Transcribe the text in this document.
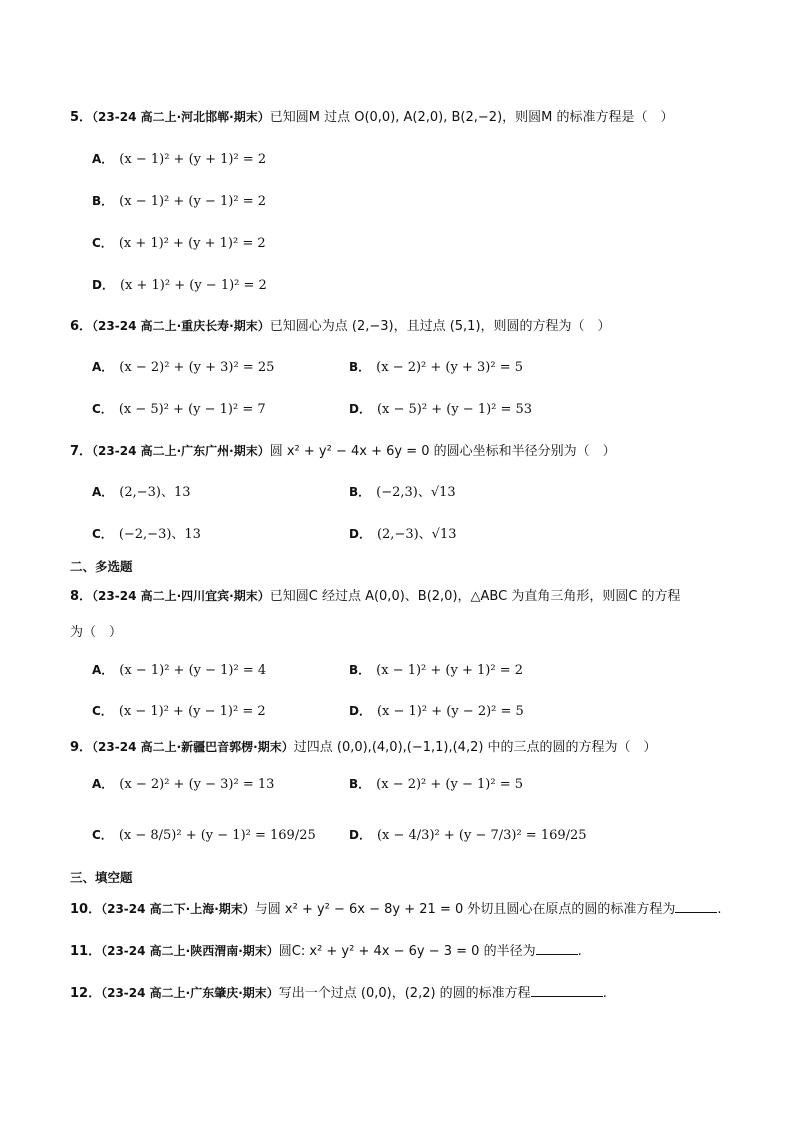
5．（23-24 高二上·河北邯郸·期末）已知圆M 过点 O(0,0), A(2,0), B(2,−2)，则圆M 的标准方程是（　）
A． (x − 1)² + (y + 1)² = 2
B． (x − 1)² + (y − 1)² = 2
C． (x + 1)² + (y + 1)² = 2
D． (x + 1)² + (y − 1)² = 2
6．（23-24 高二上·重庆长寿·期末）已知圆心为点 (2,−3)，且过点 (5,1)，则圆的方程为（　）
A． (x − 2)² + (y + 3)² = 25	B． (x − 2)² + (y + 3)² = 5
C． (x − 5)² + (y − 1)² = 7	D． (x − 5)² + (y − 1)² = 53
7．（23-24 高二上·广东广州·期末）圆 x² + y² − 4x + 6y = 0 的圆心坐标和半径分别为（　）
A． (2,−3)、13	B． (−2,3)、√13
C． (−2,−3)、13	D． (2,−3)、√13
二、多选题
8．（23-24 高二上·四川宜宾·期末）已知圆C 经过点 A(0,0)、B(2,0)，△ABC 为直角三角形，则圆C 的方程
为（　）
A． (x − 1)² + (y − 1)² = 4	B． (x − 1)² + (y + 1)² = 2
C． (x − 1)² + (y − 1)² = 2	D． (x − 1)² + (y − 2)² = 5
9．（23-24 高二上·新疆巴音郭楞·期末）过四点 (0,0),(4,0),(−1,1),(4,2) 中的三点的圆的方程为（　）
A． (x − 2)² + (y − 3)² = 13	B． (x − 2)² + (y − 1)² = 5
C． (x − 8/5)² + (y − 1)² = 169/25	D． (x − 4/3)² + (y − 7/3)² = 169/25
三、填空题
10．（23-24 高二下·上海·期末）与圆 x² + y² − 6x − 8y + 21 = 0 外切且圆心在原点的圆的标准方程为	.
11．（23-24 高二上·陕西渭南·期末）圆C: x² + y² + 4x − 6y − 3 = 0 的半径为	.
12．（23-24 高二上·广东肇庆·期末）写出一个过点 (0,0)，(2,2) 的圆的标准方程	.
